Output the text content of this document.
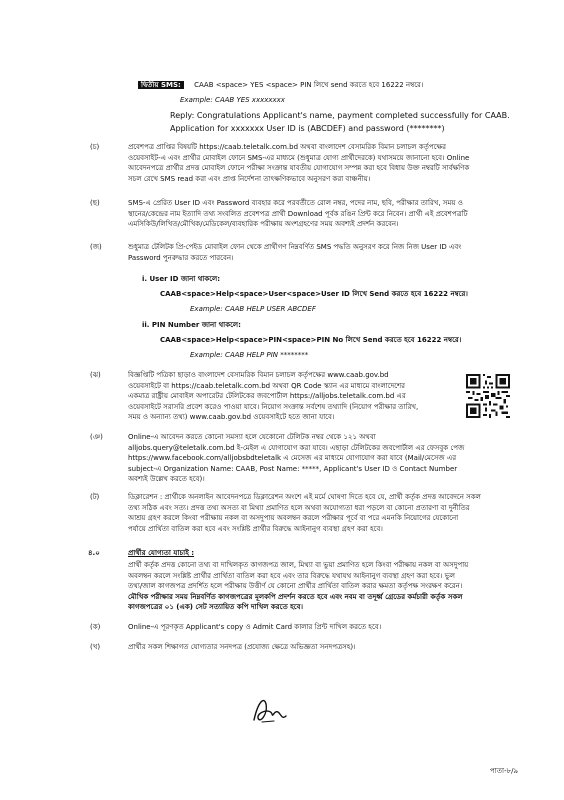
দ্বিতীয় SMS: CAAB <space> YES <space> PIN লিখে send করতে হবে 16222 নম্বরে।
Example: CAAB YES xxxxxxxx
Reply: Congratulations Applicant's name, payment completed successfully for CAAB.
Application for xxxxxxx User ID is (ABCDEF) and password (********)
(চ)	প্রবেশপত্র প্রাপ্তির বিষয়টি https://caab.teletalk.com.bd অথবা বাংলাদেশ বেসামরিক বিমান চলাচল কর্তৃপক্ষের
ওয়েবসাইট-এ এবং প্রার্থীর মোবাইল ফোনে SMS-এর মাধ্যমে (শুধুমাত্র যোগ্য প্রার্থীদেরকে) যথাসময়ে জানানো হবে। Online
আবেদনপত্রে প্রার্থীর প্রদত্ত মোবাইল ফোনে পরীক্ষা সংক্রান্ত যাবতীয় যোগাযোগ সম্পন্ন করা হবে বিধায় উক্ত নম্বরটি সার্বক্ষণিক
সচল রেখে SMS read করা এবং প্রাপ্ত নির্দেশনা তাৎক্ষণিকভাবে অনুসরণ করা বাঞ্চনীয়।
(ছ)	SMS-এ প্রেরিত User ID এবং Password ব্যবহার করে পরবর্তীতে রোল নম্বর, পদের নাম, ছবি, পরীক্ষার তারিখ, সময় ও
স্থানের/কেন্দ্রের নাম ইত্যাদি তথ্য সংবলিত প্রবেশপত্র প্রার্থী Download পূর্বক রঙিন প্রিন্ট করে নিবেন। প্রার্থী এই প্রবেশপত্রটি
এমসিকিউ/লিখিত/মৌখিক/মেডিকেল/ব্যবহারিক পরীক্ষায় অংশগ্রহণের সময় অবশ্যই প্রদর্শন করবেন।
(জ)	শুধুমাত্র টেলিটক প্রি-পেইড মোবাইল ফোন থেকে প্রার্থীগণ নিম্নবর্ণিত SMS পদ্ধতি অনুসরণ করে নিজ নিজ User ID এবং
Password পুনরুদ্ধার করতে পারবেন।
i. User ID জানা থাকলে:
CAAB<space>Help<space>User<space>User ID লিখে Send করতে হবে 16222 নম্বরে।
Example: CAAB HELP USER ABCDEF
ii. PIN Number জানা থাকলে:
CAAB<space>Help<space>PIN<space>PIN No লিখে Send করতে হবে 16222 নম্বরে।
Example: CAAB HELP PIN ********
(ঝ)	বিজ্ঞপ্তিটি পত্রিকা ছাড়াও বাংলাদেশ বেসামরিক বিমান চলাচল কর্তৃপক্ষের www.caab.gov.bd
ওয়েবসাইটে বা https://caab.teletalk.com.bd অথবা QR Code স্ক্যান এর মাধ্যমে বাংলাদেশের
একমাত্র রাষ্ট্রীয় মোবাইল অপারেটর টেলিটকের জবপোর্টাল https://alljobs.teletalk.com.bd এর
ওয়েবসাইটে সরাসরি প্রবেশ করেও পাওয়া যাবে। নিয়োগ সংক্রান্ত সর্বশেষ তথ্যাদি (নিয়োগ পরীক্ষার তারিখ,
সময় ও অন্যান্য তথ্য) www.caab.gov.bd ওয়েবসাইটে হতে জানা যাবে।
(ঞ)	Online-এ আবেদন করতে কোনো সমস্যা হলে যেকোনো টেলিটক নম্বর থেকে ১২১ অথবা
alljobs.query@teletalk.com.bd ই-মেইল এ যোগাযোগ করা যাবে। এছাড়া টেলিটকের জবপোর্টাল এর ফেসবুক পেজ
https://www.facebook.com/alljobsbdteletalk এ মেসেজ এর মাধ্যমে যোগাযোগ করা যাবে (Mail/মেসেজ এর
subject-এ Organization Name: CAAB, Post Name: *****, Applicant's User ID ও Contact Number
অবশ্যই উল্লেখ করতে হবে)।
(ট)	ডিক্লারেশন : প্রার্থীকে অনলাইন আবেদনপত্রে ডিক্লারেশন অংশে এই মর্মে ঘোষণা দিতে হবে যে, প্রার্থী কর্তৃক প্রদত্ত আবেদনে সকল
তথ্য সঠিক এবং সত্য। প্রদত্ত তথ্য অসত্য বা মিথ্যা প্রমাণিত হলে অথবা অযোগ্যতা ধরা পড়লে বা কোনো প্রতারণা বা দুর্নীতির
আশ্রয় গ্রহণ করলে কিংবা পরীক্ষায় নকল বা অসদুপায় অবলম্বন করলে পরীক্ষার পূর্বে বা পরে এমনকি নিয়োগের যেকোনো
পর্যায়ে প্রার্থিতা বাতিল করা হবে এবং সংশ্লিষ্ট প্রার্থীর বিরুদ্ধে আইনানুগ ব্যবস্থা গ্রহণ করা হবে।
৪.০	প্রার্থীর যোগ্যতা যাচাই :
প্রার্থী কর্তৃক প্রদত্ত কোনো তথ্য বা দাখিলকৃত কাগজপত্র জাল, মিথ্যা বা ভুয়া প্রমাণিত হলে কিংবা পরীক্ষায় নকল বা অসদুপায়
অবলম্বন করলে সংশ্লিষ্ট প্রার্থীর প্রার্থিতা বাতিল করা হবে এবং তার বিরুদ্ধে যথাযথ আইনানুগ ব্যবস্থা গ্রহণ করা হবে। ভুল
তথ্য/জাল কাগজপত্র প্রদর্শিত হলে পরীক্ষায় উত্তীর্ণ যে কোনো প্রার্থীর প্রার্থিতা বাতিল করার ক্ষমতা কর্তৃপক্ষ সংরক্ষণ করেন।
মৌখিক পরীক্ষার সময় নিম্নবর্ণিত কাগজপত্রের মূলকপি প্রদর্শন করতে হবে এবং নবম বা তদূর্ধ্ব গ্রেডের কর্মচারী কর্তৃক সকল
কাগজপত্রের ০১ (এক) সেট সত্যায়িত কপি দাখিল করতে হবে।
(ক)	Online-এ পূরণকৃত Applicant's copy ও Admit Card কালার প্রিন্ট দাখিল করতে হবে।
(খ)	প্রার্থীর সকল শিক্ষাগত যোগ্যতার সনদপত্র (প্রযোজ্য ক্ষেত্রে অভিজ্ঞতা সনদপত্রসহ)।
পাতা-৮/৯
